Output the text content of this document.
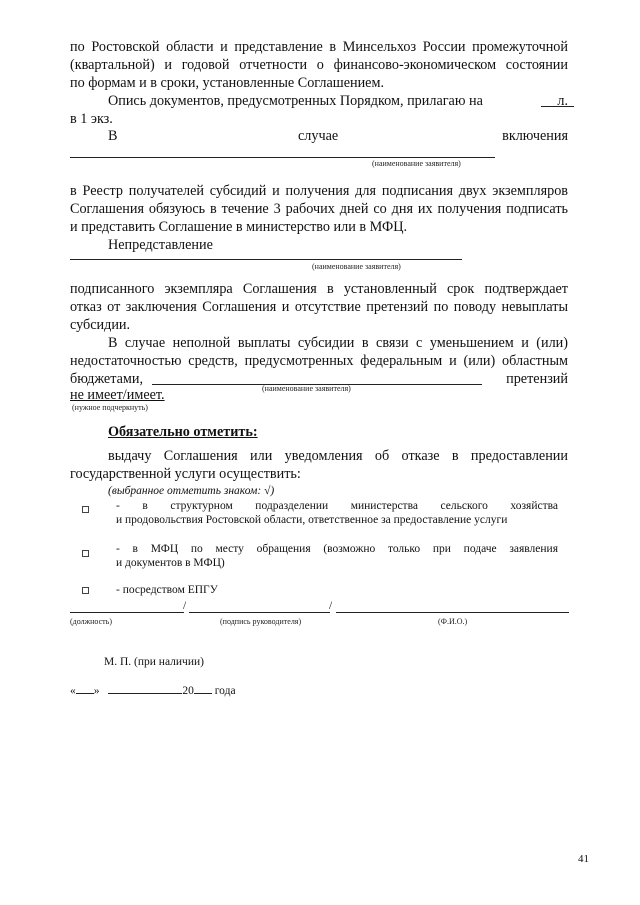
по Ростовской области и представление в Минсельхоз России промежуточной
(квартальной) и годовой отчетности о финансово-экономическом состоянии
по формам и в сроки, установленные Соглашением.
Опись документов, предусмотренных Порядком, прилагаю на	л.
в 1 экз.
В	случае	включения
(наименование заявителя)
в Реестр получателей субсидий и получения для подписания двух экземпляров
Соглашения обязуюсь в течение 3 рабочих дней со дня их получения подписать
и представить Соглашение в министерство или в МФЦ.
Непредставление
(наименование заявителя)
подписанного экземпляра Соглашения в установленный срок подтверждает
отказ от заключения Соглашения и отсутствие претензий по поводу невыплаты
субсидии.
В случае неполной выплаты субсидии в связи с уменьшением и (или)
недостаточностью средств, предусмотренных федеральным и (или) областным
бюджетами,	претензий
(наименование заявителя)
не имеет/имеет.
(нужное подчеркнуть)
Обязательно отметить:
выдачу Соглашения или уведомления об отказе в предоставлении
государственной услуги осуществить:
(выбранное отметить знаком: √)
- в структурном подразделении министерства сельского хозяйства
и продовольствия Ростовской области, ответственное за предоставление услуги
- в МФЦ по месту обращения (возможно только при подаче заявления
и документов в МФЦ)
- посредством ЕПГУ
/	/
(должность)	(подпись руководителя)	(Ф.И.О.)
М. П. (при наличии)
« »	20 года
41
